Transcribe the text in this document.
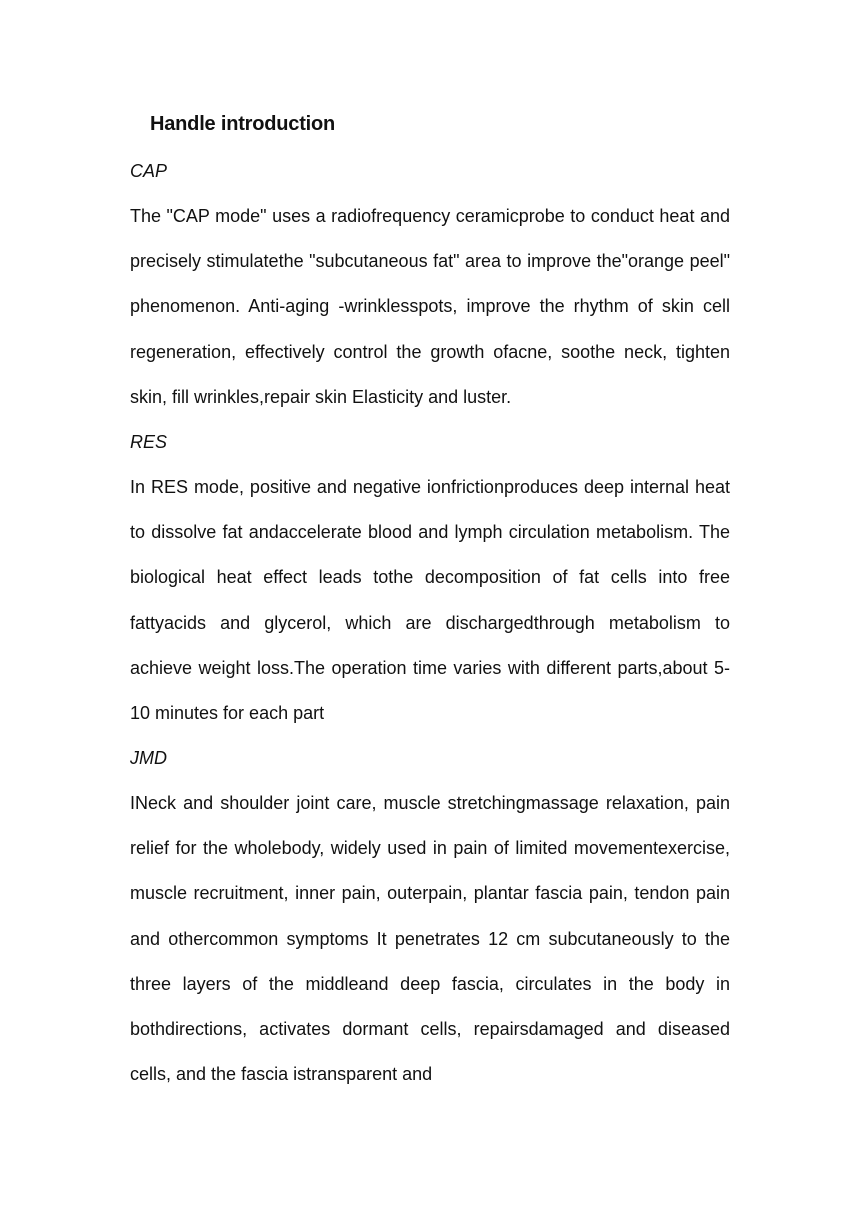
Handle introduction
CAP

The "CAP mode" uses a radiofrequency ceramicprobe to conduct heat and precisely stimulatethe "subcutaneous fat" area to improve the"orange peel" phenomenon. Anti-aging -wrinklesspots, improve the rhythm of skin cell regeneration, effectively control the growth ofacne, soothe neck, tighten skin, fill wrinkles,repair skin Elasticity and luster.

RES

In RES mode, positive and negative ionfrictionproduces deep internal heat to dissolve fat andaccelerate blood and lymph circulation metabolism. The biological heat effect leads tothe decomposition of fat cells into free fattyacids and glycerol, which are dischargedthrough metabolism to achieve weight loss.The operation time varies with different parts,about 5-10 minutes for each part

JMD

INeck and shoulder joint care, muscle stretchingmassage relaxation, pain relief for the wholebody, widely used in pain of limited movementexercise, muscle recruitment, inner pain, outerpain, plantar fascia pain, tendon pain and othercommon symptoms It penetrates 12 cm subcutaneously to the three layers of the middleand deep fascia, circulates in the body in bothdirections, activates dormant cells, repairsdamaged and diseased cells, and the fascia istransparent and
